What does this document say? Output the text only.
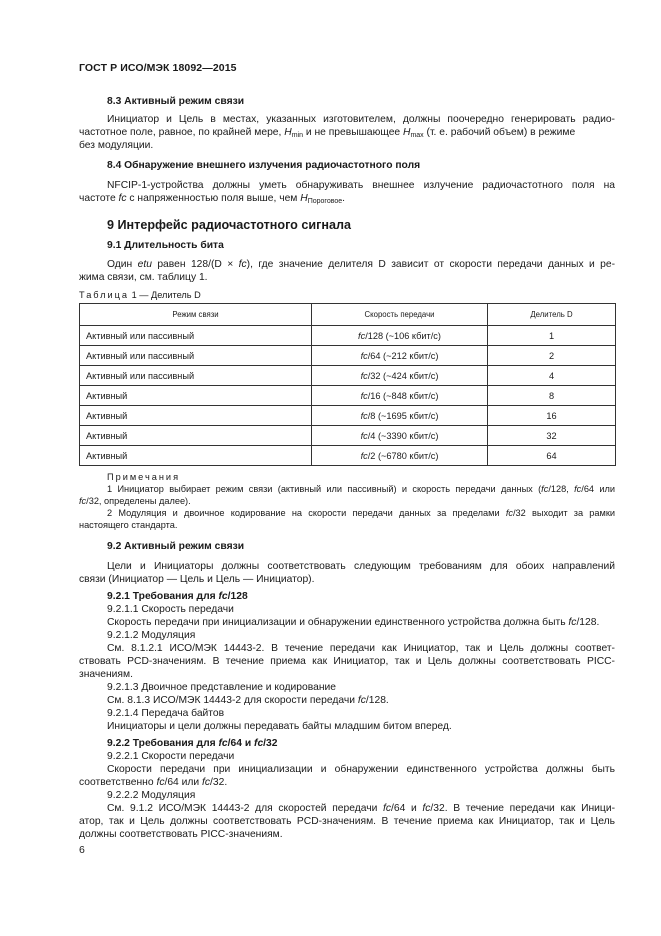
ГОСТ Р ИСО/МЭК 18092—2015
8.3 Активный режим связи
Инициатор и Цель в местах, указанных изготовителем, должны поочередно генерировать радио-
частотное поле, равное, по крайней мере, $H_{min}$ и не превышающее $H_{max}$ (т. е. рабочий объем) в режиме
без модуляции.
8.4 Обнаружение внешнего излучения радиочастотного поля
NFCIP-1-устройства должны уметь обнаруживать внешнее излучение радиочастотного поля на
частоте fc с напряженностью поля выше, чем $H_{Пороговое}$.
9 Интерфейс радиочастотного сигнала
9.1 Длительность бита
Один etu равен 128/(D × fc), где значение делителя D зависит от скорости передачи данных и ре-
жима связи, см. таблицу 1.
Таблица 1 — Делитель D
Режим связи	Скорость передачи	Делитель D
Активный или пассивный	fc/128 (~106 кбит/с)	1
Активный или пассивный	fc/64 (~212 кбит/с)	2
Активный или пассивный	fc/32 (~424 кбит/с)	4
Активный	fc/16 (~848 кбит/с)	8
Активный	fc/8 (~1695 кбит/с)	16
Активный	fc/4 (~3390 кбит/с)	32
Активный	fc/2 (~6780 кбит/с)	64
Примечания
1 Инициатор выбирает режим связи (активный или пассивный) и скорость передачи данных (fc/128, fc/64 или
fc/32, определены далее).
2 Модуляция и двоичное кодирование на скорости передачи данных за пределами fc/32 выходит за рамки
настоящего стандарта.
9.2 Активный режим связи
Цели и Инициаторы должны соответствовать следующим требованиям для обоих направлений
связи (Инициатор — Цель и Цель — Инициатор).
9.2.1 Требования для fc/128
9.2.1.1 Скорость передачи
Скорость передачи при инициализации и обнаружении единственного устройства должна быть fc/128.
9.2.1.2 Модуляция
См. 8.1.2.1 ИСО/МЭК 14443-2. В течение передачи как Инициатор, так и Цель должны соответ-
ствовать PCD-значениям. В течение приема как Инициатор, так и Цель должны соответствовать PICC-
значениям.
9.2.1.3 Двоичное представление и кодирование
См. 8.1.3 ИСО/МЭК 14443-2 для скорости передачи fc/128.
9.2.1.4 Передача байтов
Инициаторы и цели должны передавать байты младшим битом вперед.
9.2.2 Требования для fc/64 и fc/32
9.2.2.1 Скорости передачи
Скорости передачи при инициализации и обнаружении единственного устройства должны быть
соответственно fc/64 или fc/32.
9.2.2.2 Модуляция
См. 9.1.2 ИСО/МЭК 14443-2 для скоростей передачи fc/64 и fc/32. В течение передачи как Иници-
атор, так и Цель должны соответствовать PCD-значениям. В течение приема как Инициатор, так и Цель
должны соответствовать PICC-значениям.
6
